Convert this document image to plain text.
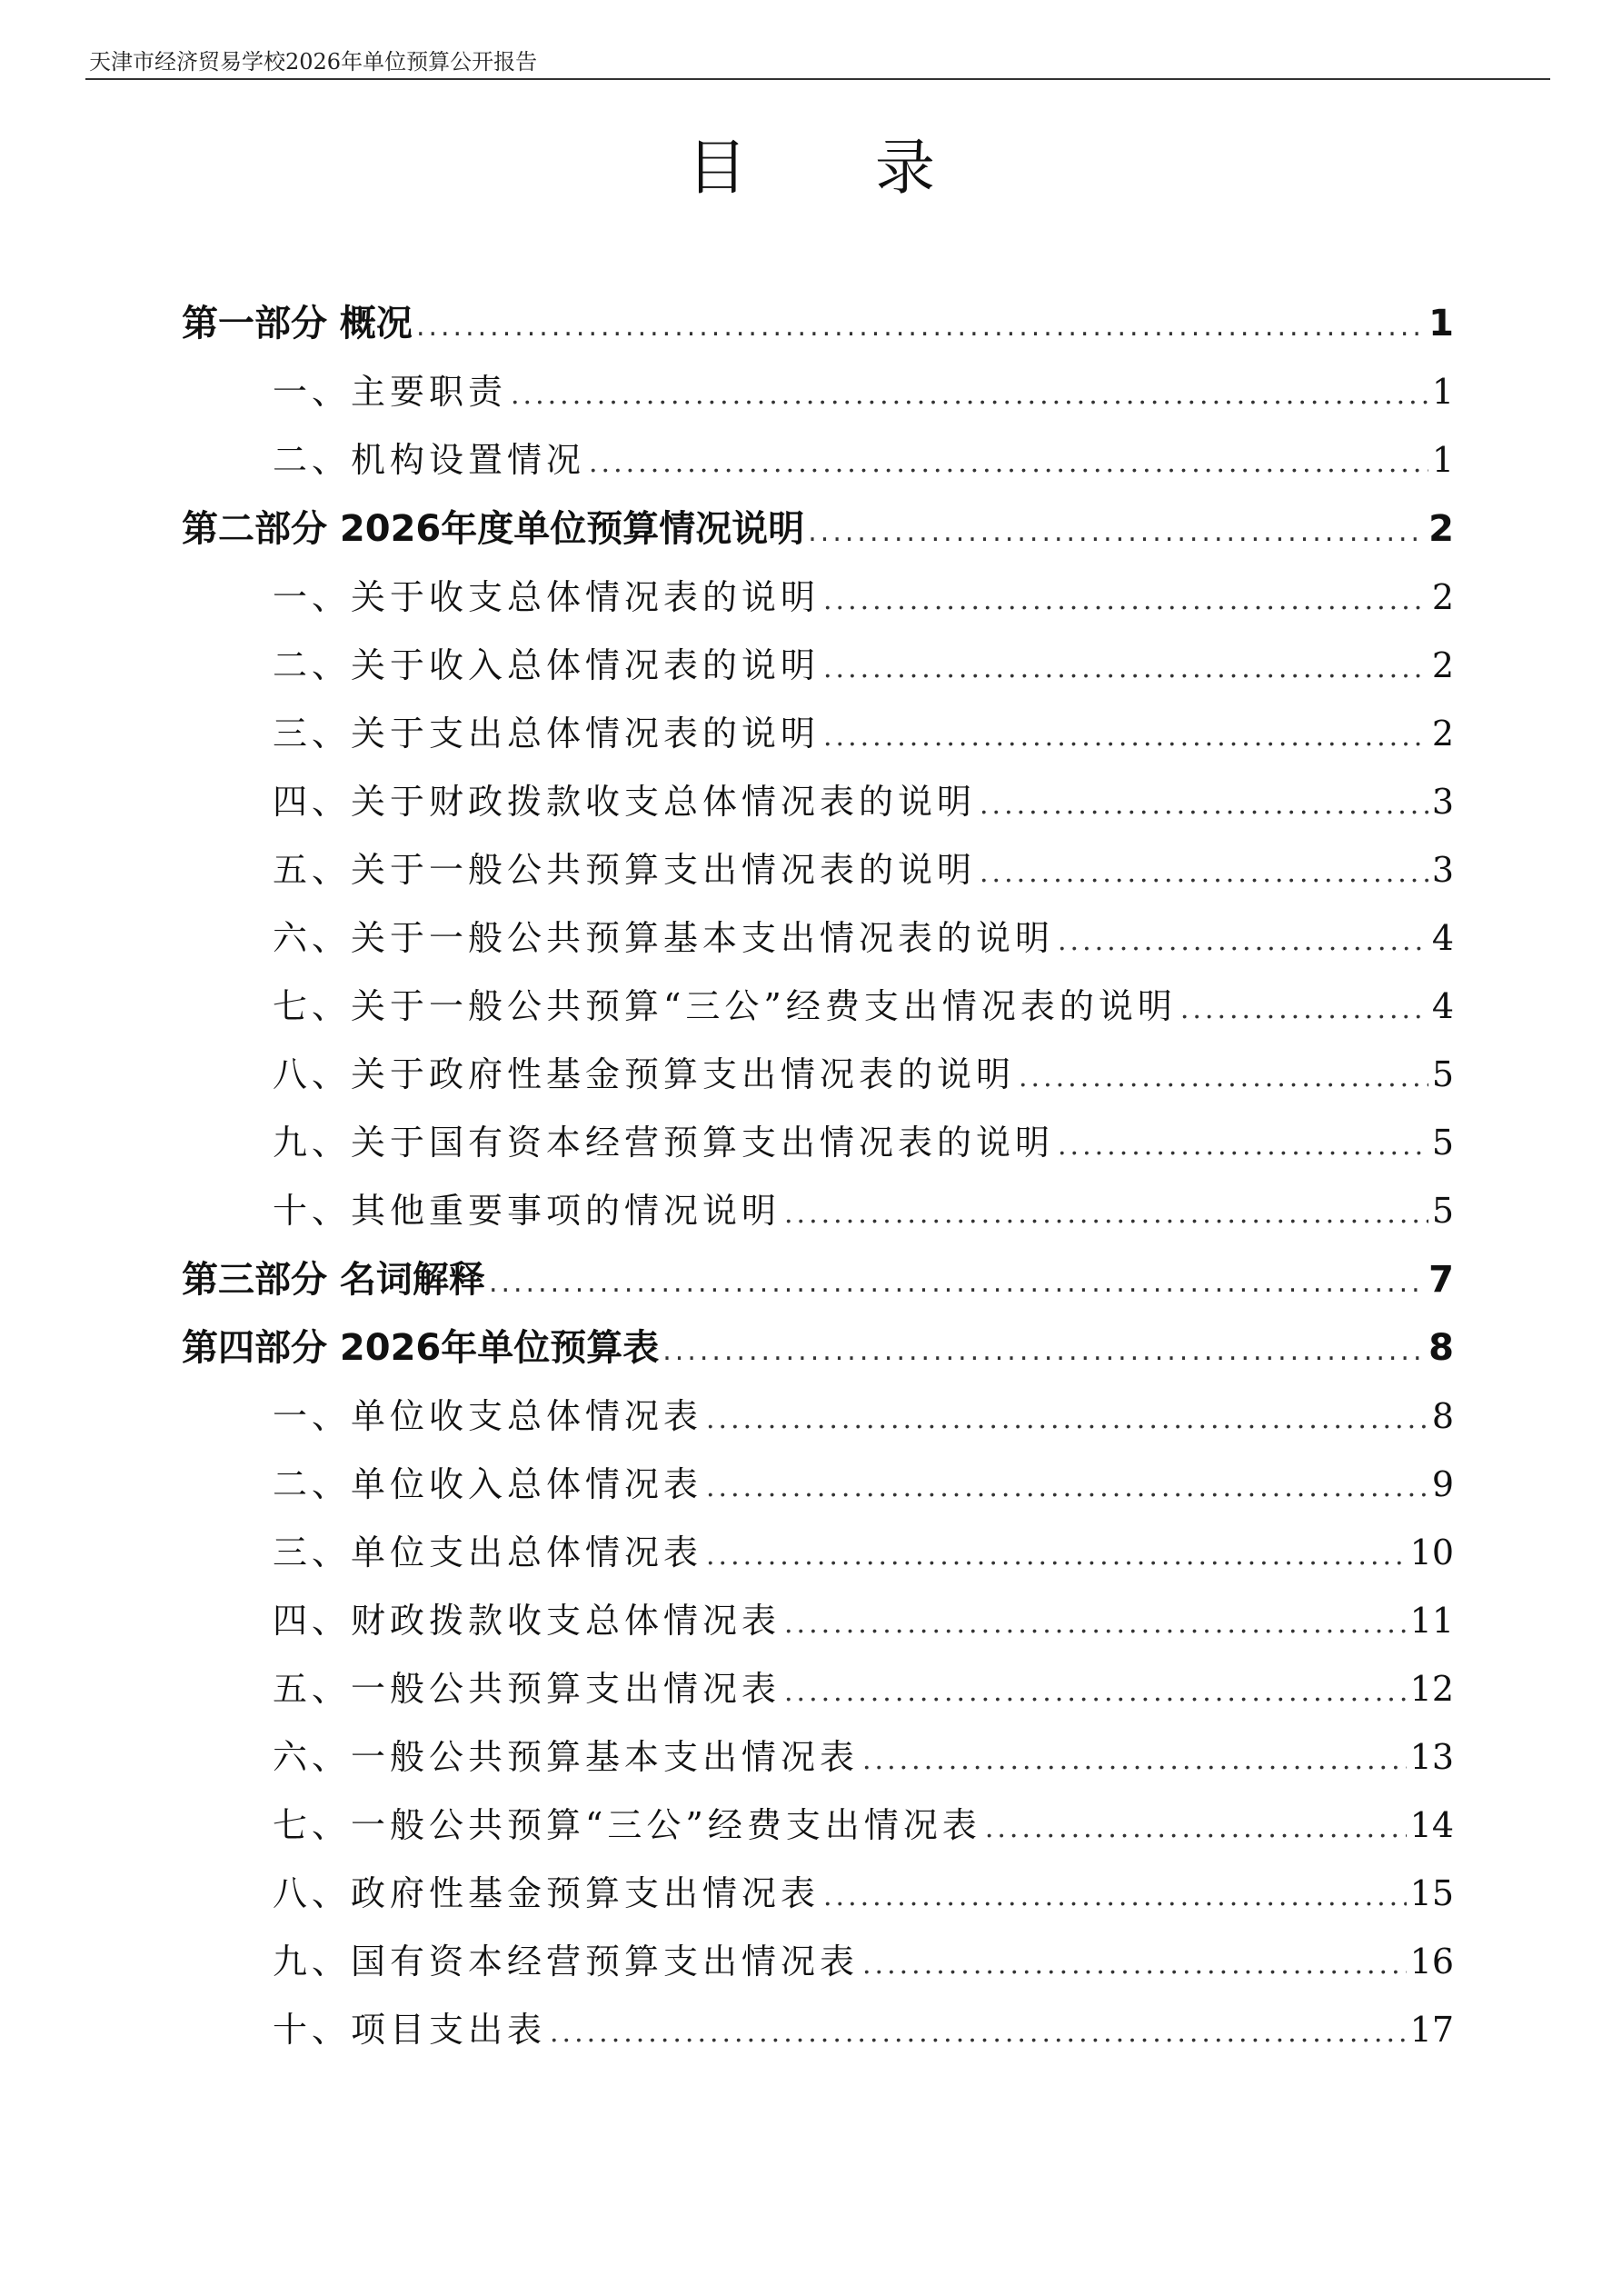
天津市经济贸易学校2026年单位预算公开报告
目 录
第一部分 概况 .....	1
一、主要职责 .....	1
二、机构设置情况 .....	1
第二部分 2026年度单位预算情况说明 .....	2
一、关于收支总体情况表的说明 .....	2
二、关于收入总体情况表的说明 .....	2
三、关于支出总体情况表的说明 .....	2
四、关于财政拨款收支总体情况表的说明 .....	3
五、关于一般公共预算支出情况表的说明 .....	3
六、关于一般公共预算基本支出情况表的说明 .....	4
七、关于一般公共预算“三公”经费支出情况表的说明 .....	4
八、关于政府性基金预算支出情况表的说明 .....	5
九、关于国有资本经营预算支出情况表的说明 .....	5
十、其他重要事项的情况说明 .....	5
第三部分 名词解释 .....	7
第四部分 2026年单位预算表 .....	8
一、单位收支总体情况表 .....	8
二、单位收入总体情况表 .....	9
三、单位支出总体情况表 .....	10
四、财政拨款收支总体情况表 .....	11
五、一般公共预算支出情况表 .....	12
六、一般公共预算基本支出情况表 .....	13
七、一般公共预算“三公”经费支出情况表 .....	14
八、政府性基金预算支出情况表 .....	15
九、国有资本经营预算支出情况表 .....	16
十、项目支出表 .....	17
